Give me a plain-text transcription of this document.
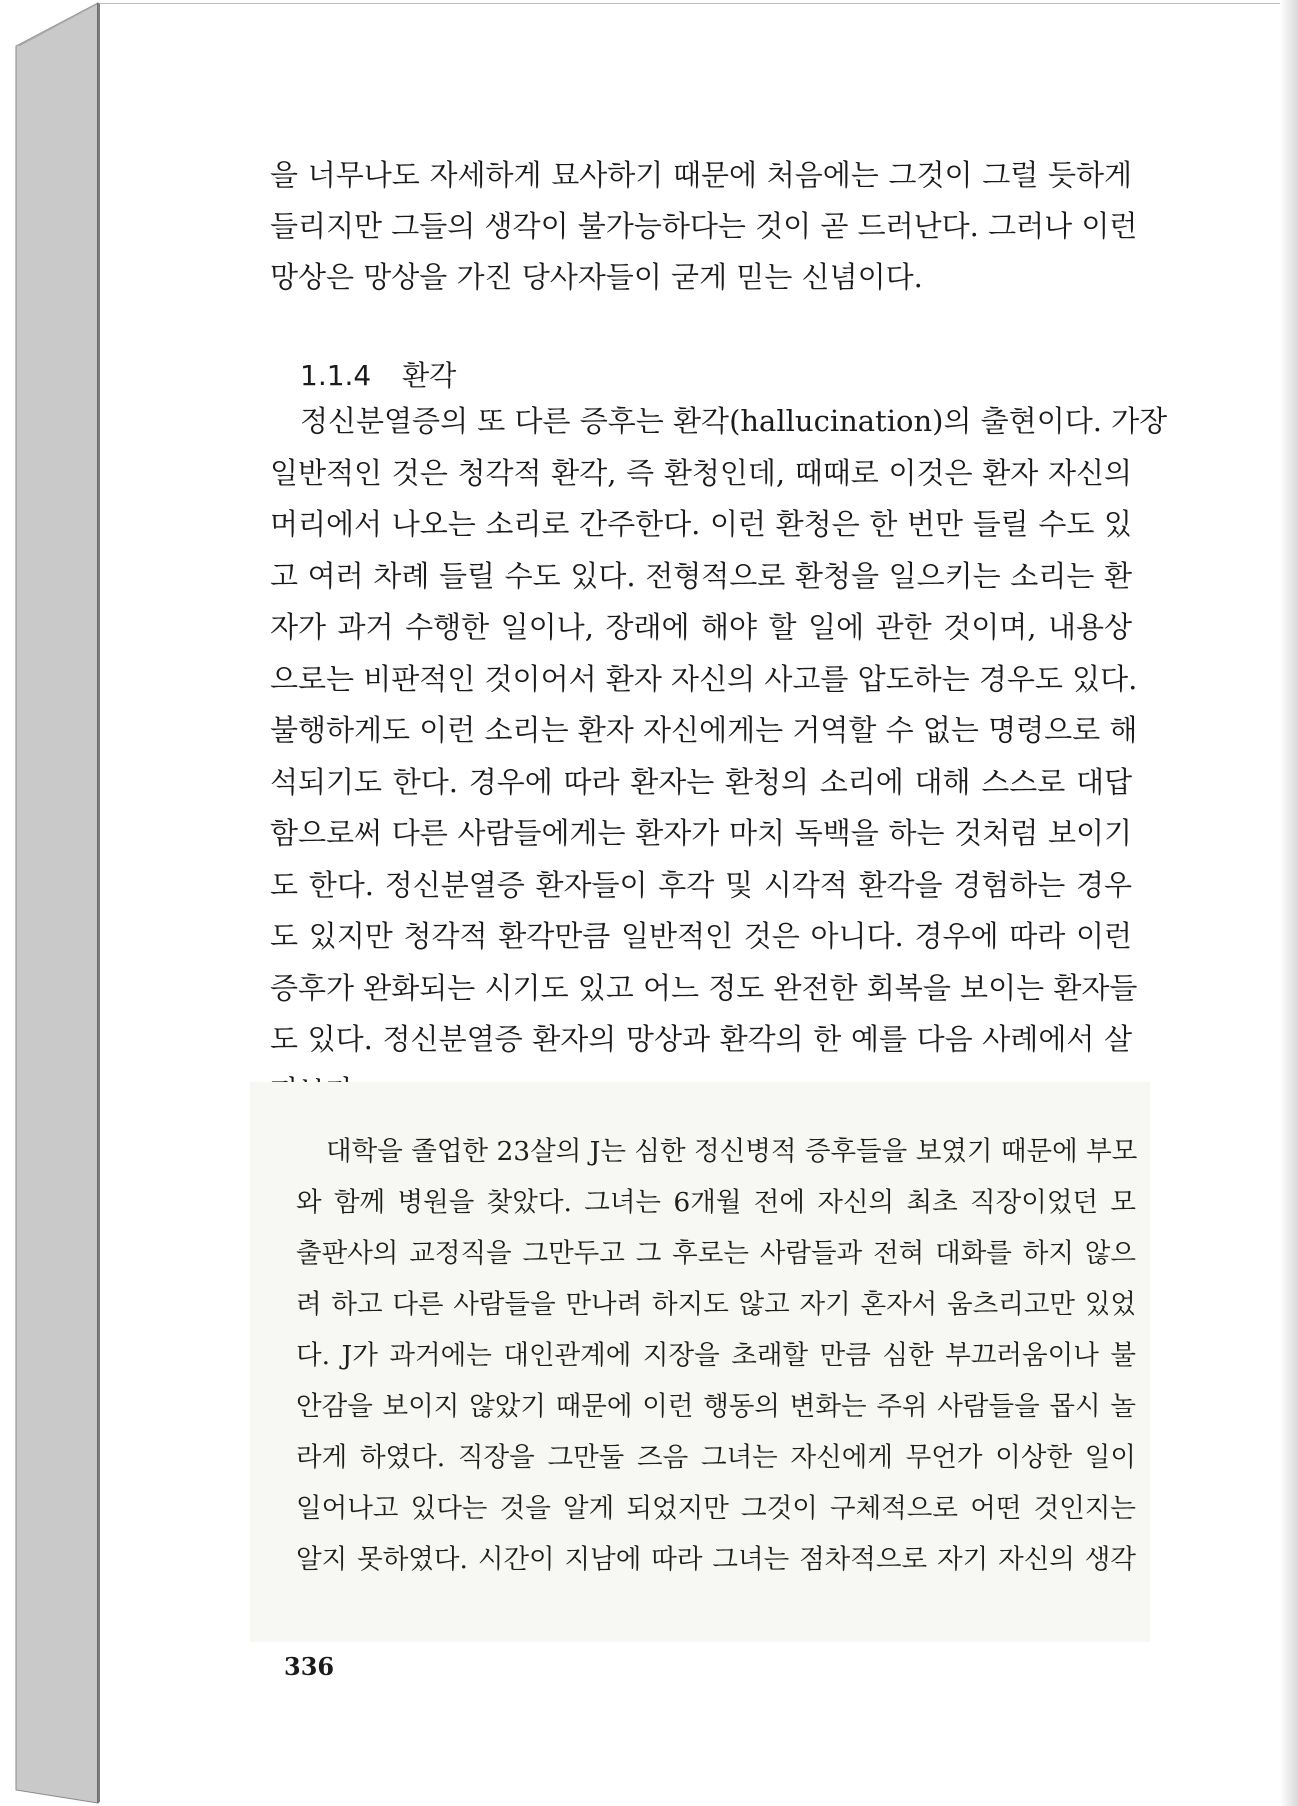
을 너무나도 자세하게 묘사하기 때문에 처음에는 그것이 그럴 듯하게
들리지만 그들의 생각이 불가능하다는 것이 곧 드러난다. 그러나 이런
망상은 망상을 가진 당사자들이 굳게 믿는 신념이다.
1.1.4 환각
정신분열증의 또 다른 증후는 환각(hallucination)의 출현이다. 가장
일반적인 것은 청각적 환각, 즉 환청인데, 때때로 이것은 환자 자신의
머리에서 나오는 소리로 간주한다. 이런 환청은 한 번만 들릴 수도 있
고 여러 차례 들릴 수도 있다. 전형적으로 환청을 일으키는 소리는 환
자가 과거 수행한 일이나, 장래에 해야 할 일에 관한 것이며, 내용상
으로는 비판적인 것이어서 환자 자신의 사고를 압도하는 경우도 있다.
불행하게도 이런 소리는 환자 자신에게는 거역할 수 없는 명령으로 해
석되기도 한다. 경우에 따라 환자는 환청의 소리에 대해 스스로 대답
함으로써 다른 사람들에게는 환자가 마치 독백을 하는 것처럼 보이기
도 한다. 정신분열증 환자들이 후각 및 시각적 환각을 경험하는 경우
도 있지만 청각적 환각만큼 일반적인 것은 아니다. 경우에 따라 이런
증후가 완화되는 시기도 있고 어느 정도 완전한 회복을 보이는 환자들
도 있다. 정신분열증 환자의 망상과 환각의 한 예를 다음 사례에서 살
대학을 졸업한 23살의 J는 심한 정신병적 증후들을 보였기 때문에 부모
와 함께 병원을 찾았다. 그녀는 6개월 전에 자신의 최초 직장이었던 모
출판사의 교정직을 그만두고 그 후로는 사람들과 전혀 대화를 하지 않으
려 하고 다른 사람들을 만나려 하지도 않고 자기 혼자서 움츠리고만 있었
다. J가 과거에는 대인관계에 지장을 초래할 만큼 심한 부끄러움이나 불
안감을 보이지 않았기 때문에 이런 행동의 변화는 주위 사람들을 몹시 놀
라게 하였다. 직장을 그만둘 즈음 그녀는 자신에게 무언가 이상한 일이
일어나고 있다는 것을 알게 되었지만 그것이 구체적으로 어떤 것인지는
알지 못하였다. 시간이 지남에 따라 그녀는 점차적으로 자기 자신의 생각
336
